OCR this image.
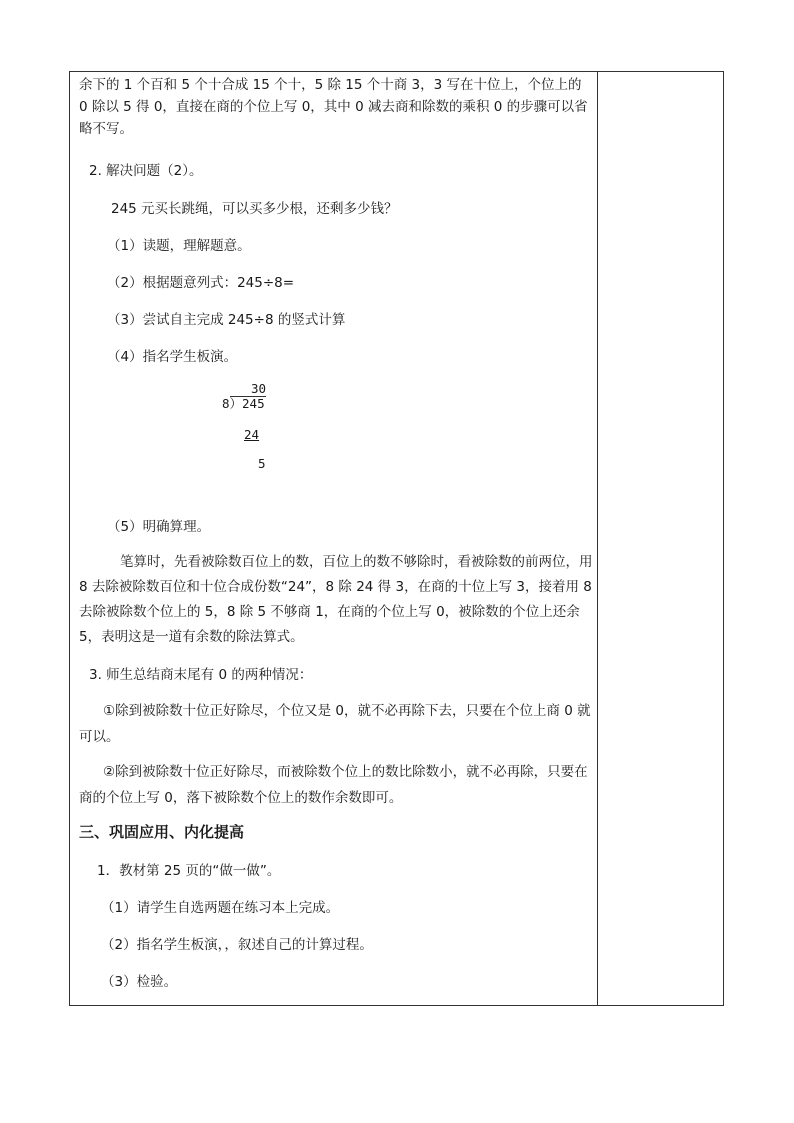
余下的 1 个百和 5 个十合成 15 个十，5 除 15 个十商 3，3 写在十位上，个位上的 0 除以 5 得 0，直接在商的个位上写 0，其中 0 减去商和除数的乘积 0 的步骤可以省略不写。
2. 解决问题（2）。
245 元买长跳绳，可以买多少根，还剩多少钱？
（1）读题，理解题意。
（2）根据题意列式：245÷8=
（3）尝试自主完成 245÷8 的竖式计算
（4）指名学生板演。
30
8）245
24
5
（5）明确算理。
笔算时，先看被除数百位上的数，百位上的数不够除时，看被除数的前两位，用 8 去除被除数百位和十位合成份数“24”，8 除 24 得 3，在商的十位上写 3，接着用 8 去除被除数个位上的 5，8 除 5 不够商 1，在商的个位上写 0，被除数的个位上还余 5，表明这是一道有余数的除法算式。
3. 师生总结商末尾有 0 的两种情况：
①除到被除数十位正好除尽，个位又是 0，就不必再除下去，只要在个位上商 0 就可以。
②除到被除数十位正好除尽，而被除数个位上的数比除数小，就不必再除，只要在商的个位上写 0，落下被除数个位上的数作余数即可。
三、巩固应用、内化提高
1．教材第 25 页的“做一做”。
（1）请学生自选两题在练习本上完成。
（2）指名学生板演，，叙述自己的计算过程。
（3）检验。
